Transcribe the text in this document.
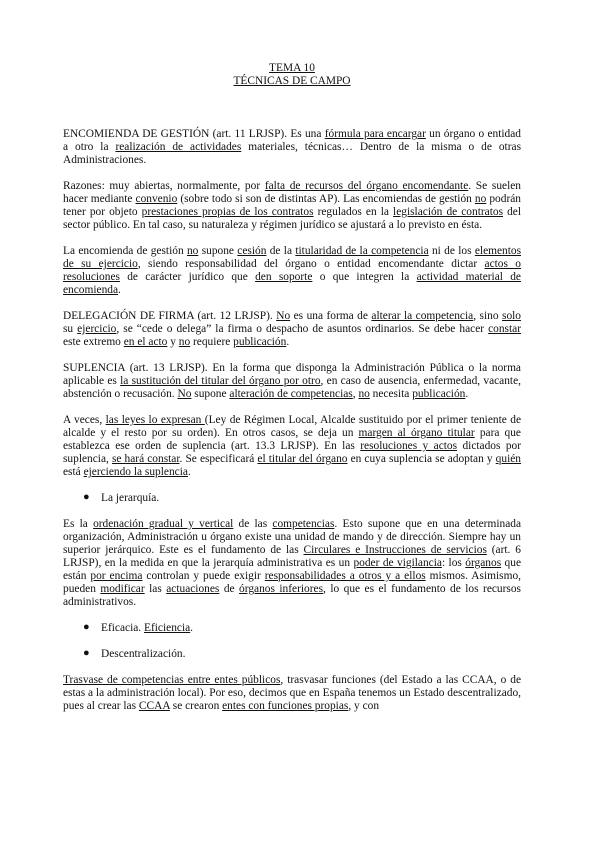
TEMA 10
TÉCNICAS DE CAMPO

ENCOMIENDA DE GESTIÓN (art. 11 LRJSP). Es una fórmula para encargar un órgano o entidad a otro la realización de actividades materiales, técnicas… Dentro de la misma o de otras Administraciones.

Razones: muy abiertas, normalmente, por falta de recursos del órgano encomendante. Se suelen hacer mediante convenio (sobre todo si son de distintas AP). Las encomiendas de gestión no podrán tener por objeto prestaciones propias de los contratos regulados en la legislación de contratos del sector público. En tal caso, su naturaleza y régimen jurídico se ajustará a lo previsto en ésta.

La encomienda de gestión no supone cesión de la titularidad de la competencia ni de los elementos de su ejercicio, siendo responsabilidad del órgano o entidad encomendante dictar actos o resoluciones de carácter jurídico que den soporte o que integren la actividad material de encomienda.

DELEGACIÓN DE FIRMA (art. 12 LRJSP). No es una forma de alterar la competencia, sino solo su ejercicio, se “cede o delega” la firma o despacho de asuntos ordinarios. Se debe hacer constar este extremo en el acto y no requiere publicación.

SUPLENCIA (art. 13 LRJSP). En la forma que disponga la Administración Pública o la norma aplicable es la sustitución del titular del órgano por otro, en caso de ausencia, enfermedad, vacante, abstención o recusación. No supone alteración de competencias, no necesita publicación.

A veces, las leyes lo expresan (Ley de Régimen Local, Alcalde sustituido por el primer teniente de alcalde y el resto por su orden). En otros casos, se deja un margen al órgano titular para que establezca ese orden de suplencia (art. 13.3 LRJSP). En las resoluciones y actos dictados por suplencia, se hará constar. Se especificará el titular del órgano en cuya suplencia se adoptan y quién está ejerciendo la suplencia.

● La jerarquía.

Es la ordenación gradual y vertical de las competencias. Esto supone que en una determinada organización, Administración u órgano existe una unidad de mando y de dirección. Siempre hay un superior jerárquico. Este es el fundamento de las Circulares e Instrucciones de servicios (art. 6 LRJSP), en la medida en que la jerarquía administrativa es un poder de vigilancia: los órganos que están por encima controlan y puede exigir responsabilidades a otros y a ellos mismos. Asimismo, pueden modificar las actuaciones de órganos inferiores, lo que es el fundamento de los recursos administrativos.

● Eficacia. Eficiencia.
● Descentralización.

Trasvase de competencias entre entes públicos, trasvasar funciones (del Estado a las CCAA, o de estas a la administración local). Por eso, decimos que en España tenemos un Estado descentralizado, pues al crear las CCAA se crearon entes con funciones propias, y con
